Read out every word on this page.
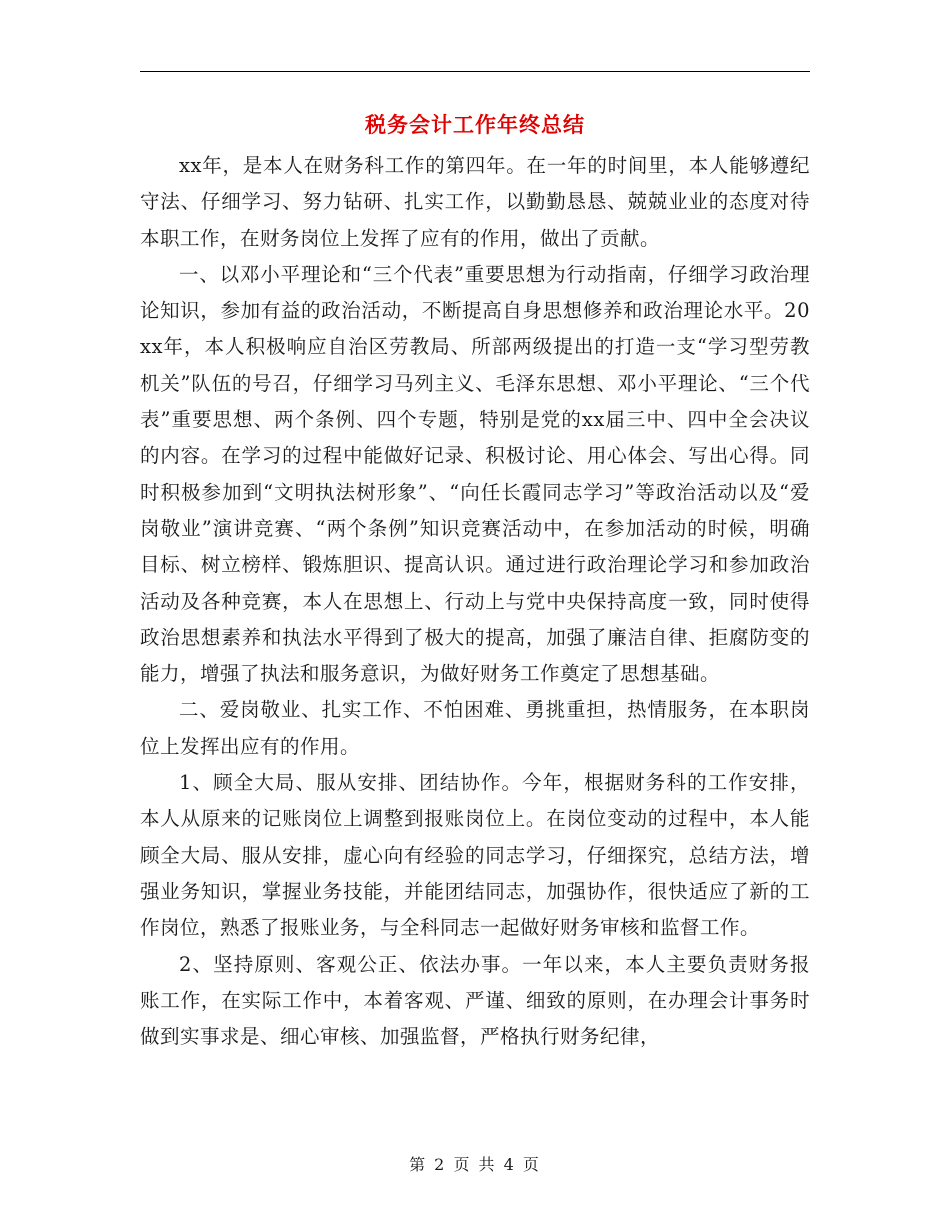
税务会计工作年终总结

xx年，是本人在财务科工作的第四年。在一年的时间里，本人能够遵纪守法、仔细学习、努力钻研、扎实工作，以勤勤恳恳、兢兢业业的态度对待本职工作，在财务岗位上发挥了应有的作用，做出了贡献。

一、以邓小平理论和“三个代表”重要思想为行动指南，仔细学习政治理论知识，参加有益的政治活动，不断提高自身思想修养和政治理论水平。20xx年，本人积极响应自治区劳教局、所部两级提出的打造一支“学习型劳教机关”队伍的号召，仔细学习马列主义、毛泽东思想、邓小平理论、“三个代表”重要思想、两个条例、四个专题，特别是党的xx届三中、四中全会决议的内容。在学习的过程中能做好记录、积极讨论、用心体会、写出心得。同时积极参加到“文明执法树形象”、“向任长霞同志学习”等政治活动以及“爱岗敬业”演讲竞赛、“两个条例”知识竞赛活动中，在参加活动的时候，明确目标、树立榜样、锻炼胆识、提高认识。通过进行政治理论学习和参加政治活动及各种竞赛，本人在思想上、行动上与党中央保持高度一致，同时使得政治思想素养和执法水平得到了极大的提高，加强了廉洁自律、拒腐防变的能力，增强了执法和服务意识，为做好财务工作奠定了思想基础。

二、爱岗敬业、扎实工作、不怕困难、勇挑重担，热情服务，在本职岗位上发挥出应有的作用。

1、顾全大局、服从安排、团结协作。今年，根据财务科的工作安排，本人从原来的记账岗位上调整到报账岗位上。在岗位变动的过程中，本人能顾全大局、服从安排，虚心向有经验的同志学习，仔细探究，总结方法，增强业务知识，掌握业务技能，并能团结同志，加强协作，很快适应了新的工作岗位，熟悉了报账业务，与全科同志一起做好财务审核和监督工作。

2、坚持原则、客观公正、依法办事。一年以来，本人主要负责财务报账工作，在实际工作中，本着客观、严谨、细致的原则，在办理会计事务时做到实事求是、细心审核、加强监督，严格执行财务纪律，

第 2 页 共 4 页
